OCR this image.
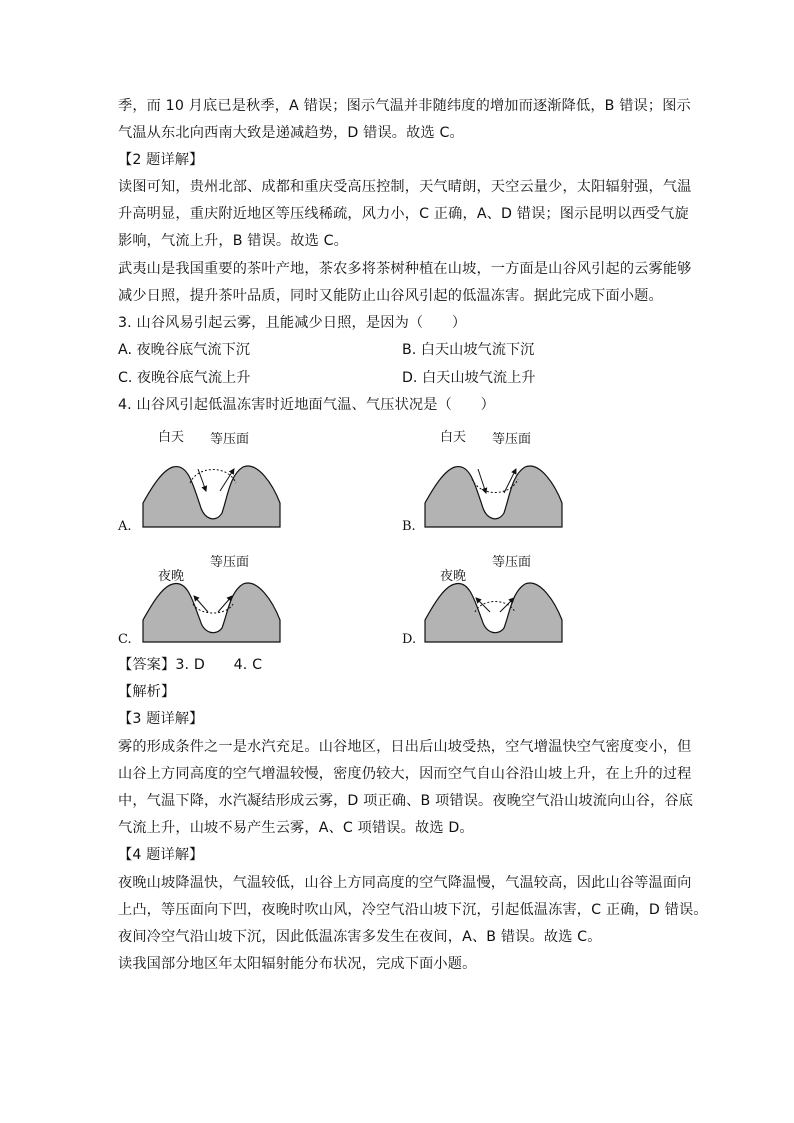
季，而 10 月底已是秋季，A 错误；图示气温并非随纬度的增加而逐渐降低，B 错误；图示
气温从东北向西南大致是递减趋势，D 错误。故选 C。
【2 题详解】
读图可知，贵州北部、成都和重庆受高压控制，天气晴朗，天空云量少，太阳辐射强，气温
升高明显，重庆附近地区等压线稀疏，风力小，C 正确，A、D 错误；图示昆明以西受气旋
影响，气流上升，B 错误。故选 C。
武夷山是我国重要的茶叶产地，茶农多将茶树种植在山坡，一方面是山谷风引起的云雾能够
减少日照，提升茶叶品质，同时又能防止山谷风引起的低温冻害。据此完成下面小题。
3. 山谷风易引起云雾，且能减少日照，是因为（　　）
A. 夜晚谷底气流下沉	B. 白天山坡气流下沉
C. 夜晚谷底气流上升	D. 白天山坡气流上升
4. 山谷风引起低温冻害时近地面气温、气压状况是（　　）
A.
白天 等压面
B.
白天 等压面
C.
夜晚
等压面
D.
夜晚
等压面
【答案】3. D　　4. C
【解析】
【3 题详解】
雾的形成条件之一是水汽充足。山谷地区，日出后山坡受热，空气增温快空气密度变小，但
山谷上方同高度的空气增温较慢，密度仍较大，因而空气自山谷沿山坡上升，在上升的过程
中，气温下降，水汽凝结形成云雾，D 项正确、B 项错误。夜晚空气沿山坡流向山谷，谷底
气流上升，山坡不易产生云雾，A、C 项错误。故选 D。
【4 题详解】
夜晚山坡降温快，气温较低，山谷上方同高度的空气降温慢，气温较高，因此山谷等温面向
上凸，等压面向下凹，夜晚时吹山风，冷空气沿山坡下沉，引起低温冻害，C 正确，D 错误。
夜间冷空气沿山坡下沉，因此低温冻害多发生在夜间，A、B 错误。故选 C。
读我国部分地区年太阳辐射能分布状况，完成下面小题。
